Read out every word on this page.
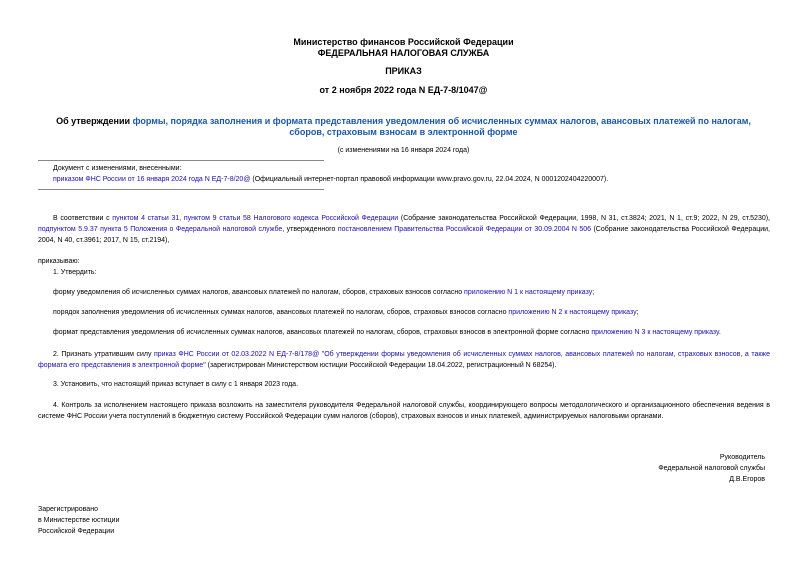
Министерство финансов Российской Федерации
ФЕДЕРАЛЬНАЯ НАЛОГОВАЯ СЛУЖБА
ПРИКАЗ
от 2 ноября 2022 года N ЕД-7-8/1047@
Об утверждении формы, порядка заполнения и формата представления уведомления об исчисленных суммах налогов, авансовых платежей по налогам, сборов, страховым взносам в электронной форме
(с изменениями на 16 января 2024 года)
Документ с изменениями, внесенными:
приказом ФНС России от 16 января 2024 года N ЕД-7-8/20@ (Официальный интернет-портал правовой информации www.pravo.gov.ru, 22.04.2024, N 0001202404220007).
В соответствии с пунктом 4 статьи 31, пунктом 9 статьи 58 Налогового кодекса Российской Федерации (Собрание законодательства Российской Федерации, 1998, N 31, ст.3824; 2021, N 1, ст.9; 2022, N 29, ст.5230), подпунктом 5.9.37 пункта 5 Положения о Федеральной налоговой службе, утвержденного постановлением Правительства Российской Федерации от 30.09.2004 N 506 (Собрание законодательства Российской Федерации, 2004, N 40, ст.3961; 2017, N 15, ст.2194),
приказываю:
1. Утвердить:
форму уведомления об исчисленных суммах налогов, авансовых платежей по налогам, сборов, страховых взносов согласно приложению N 1 к настоящему приказу;
порядок заполнения уведомления об исчисленных суммах налогов, авансовых платежей по налогам, сборов, страховых взносов согласно приложению N 2 к настоящему приказу;
формат представления уведомления об исчисленных суммах налогов, авансовых платежей по налогам, сборов, страховых взносов в электронной форме согласно приложению N 3 к настоящему приказу.
2. Признать утратившим силу приказ ФНС России от 02.03.2022 N ЕД-7-8/178@ "Об утверждении формы уведомления об исчисленных суммах налогов, авансовых платежей по налогам, страховых взносов, а также формата его представления в электронной форме" (зарегистрирован Министерством юстиции Российской Федерации 18.04.2022, регистрационный N 68254).
3. Установить, что настоящий приказ вступает в силу с 1 января 2023 года.
4. Контроль за исполнением настоящего приказа возложить на заместителя руководителя Федеральной налоговой службы, координирующего вопросы методологического и организационного обеспечения ведения в системе ФНС России учета поступлений в бюджетную систему Российской Федерации сумм налогов (сборов), страховых взносов и иных платежей, администрируемых налоговыми органами.
Руководитель
Федеральной налоговой службы
Д.В.Егоров
Зарегистрировано
в Министерстве юстиции
Российской Федерации
